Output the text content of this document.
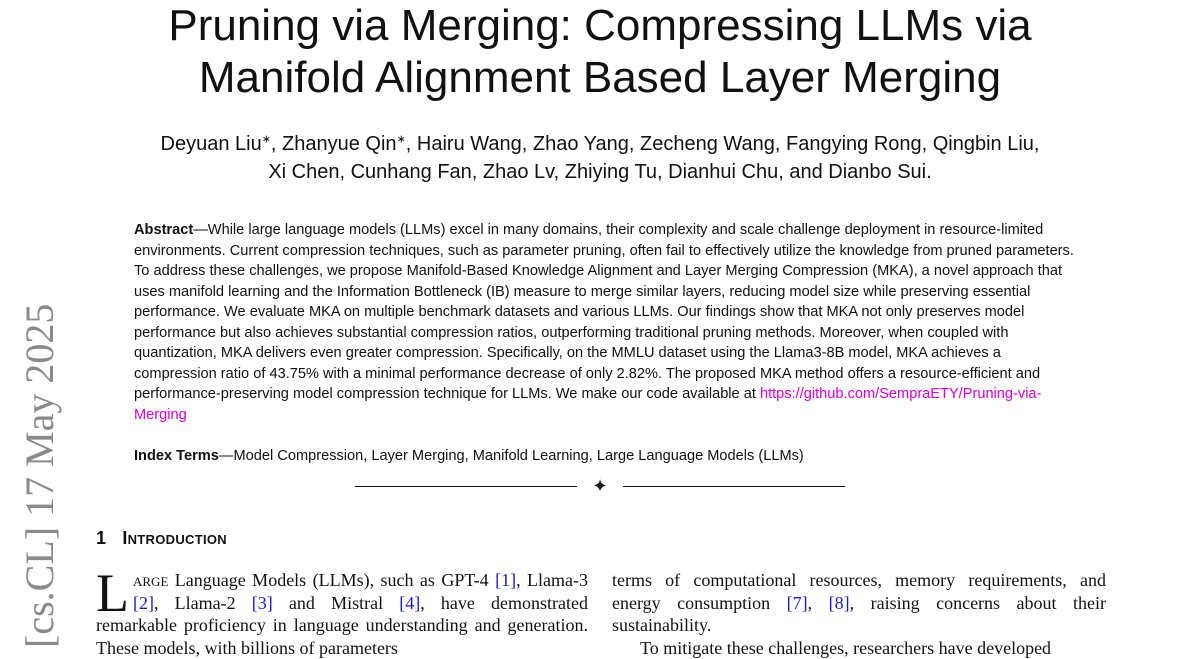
Pruning via Merging: Compressing LLMs via
Manifold Alignment Based Layer Merging
Deyuan Liu∗, Zhanyue Qin∗, Hairu Wang, Zhao Yang, Zecheng Wang, Fangying Rong, Qingbin Liu,
Xi Chen, Cunhang Fan, Zhao Lv, Zhiying Tu, Dianhui Chu, and Dianbo Sui.
Abstract—While large language models (LLMs) excel in many domains, their complexity and scale challenge deployment in resource-limited environments. Current compression techniques, such as parameter pruning, often fail to effectively utilize the knowledge from pruned parameters. To address these challenges, we propose Manifold-Based Knowledge Alignment and Layer Merging Compression (MKA), a novel approach that uses manifold learning and the Information Bottleneck (IB) measure to merge similar layers, reducing model size while preserving essential performance. We evaluate MKA on multiple benchmark datasets and various LLMs. Our findings show that MKA not only preserves model performance but also achieves substantial compression ratios, outperforming traditional pruning methods. Moreover, when coupled with quantization, MKA delivers even greater compression. Specifically, on the MMLU dataset using the Llama3-8B model, MKA achieves a compression ratio of 43.75% with a minimal performance decrease of only 2.82%. The proposed MKA method offers a resource-efficient and performance-preserving model compression technique for LLMs. We make our code available at https://github.com/SempraETY/Pruning-via-Merging
Index Terms—Model Compression, Layer Merging, Manifold Learning, Large Language Models (LLMs)
✦
[cs.CL] 17 May 2025 1 Introduction
Large Language Models (LLMs), such as GPT-4 [1], Llama-3 [2], Llama-2 [3] and Mistral [4], have demonstrated remarkable proficiency in language understanding and generation. These models, with billions of parameters
terms of computational resources, memory requirements, and energy consumption [7], [8], raising concerns about their sustainability.
To mitigate these challenges, researchers have developed
